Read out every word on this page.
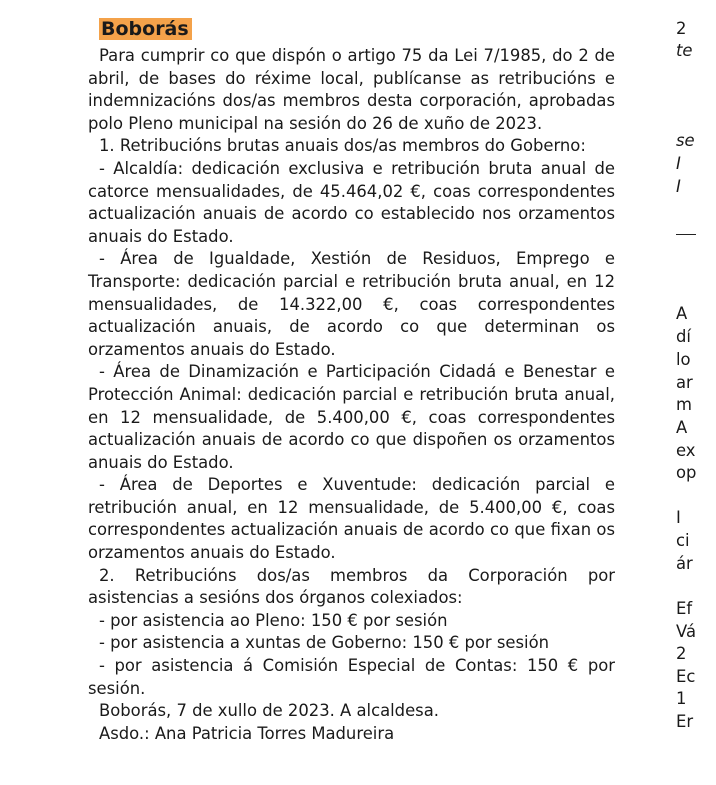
Boborás

Para cumprir co que dispón o artigo 75 da Lei 7/1985, do 2 de abril, de bases do réxime local, publícanse as retribucións e indemnizacións dos/as membros desta corporación, aprobadas polo Pleno municipal na sesión do 26 de xuño de 2023.

1. Retribucións brutas anuais dos/as membros do Goberno:

- Alcaldía: dedicación exclusiva e retribución bruta anual de catorce mensualidades, de 45.464,02 €, coas correspondentes actualización anuais de acordo co establecido nos orzamentos anuais do Estado.

- Área de Igualdade, Xestión de Residuos, Emprego e Transporte: dedicación parcial e retribución bruta anual, en 12 mensualidades, de 14.322,00 €, coas correspondentes actualización anuais, de acordo co que determinan os orzamentos anuais do Estado.

- Área de Dinamización e Participación Cidadá e Benestar e Protección Animal: dedicación parcial e retribución bruta anual, en 12 mensualidade, de 5.400,00 €, coas correspondentes actualización anuais de acordo co que dispoñen os orzamentos anuais do Estado.

- Área de Deportes e Xuventude: dedicación parcial e retribución anual, en 12 mensualidade, de 5.400,00 €, coas correspondentes actualización anuais de acordo co que fixan os orzamentos anuais do Estado.

2. Retribucións dos/as membros da Corporación por asistencias a sesións dos órganos colexiados:

- por asistencia ao Pleno: 150 € por sesión

- por asistencia a xuntas de Goberno: 150 € por sesión

- por asistencia á Comisión Especial de Contas: 150 € por sesión.

Boborás, 7 de xullo de 2023. A alcaldesa.

Asdo.: Ana Patricia Torres Madureira

2
te
se
I
I
A
dí
lo
ar
m
A
ex
op
I
ci
ár
Ef
Vá
2
Ec
1
Er
